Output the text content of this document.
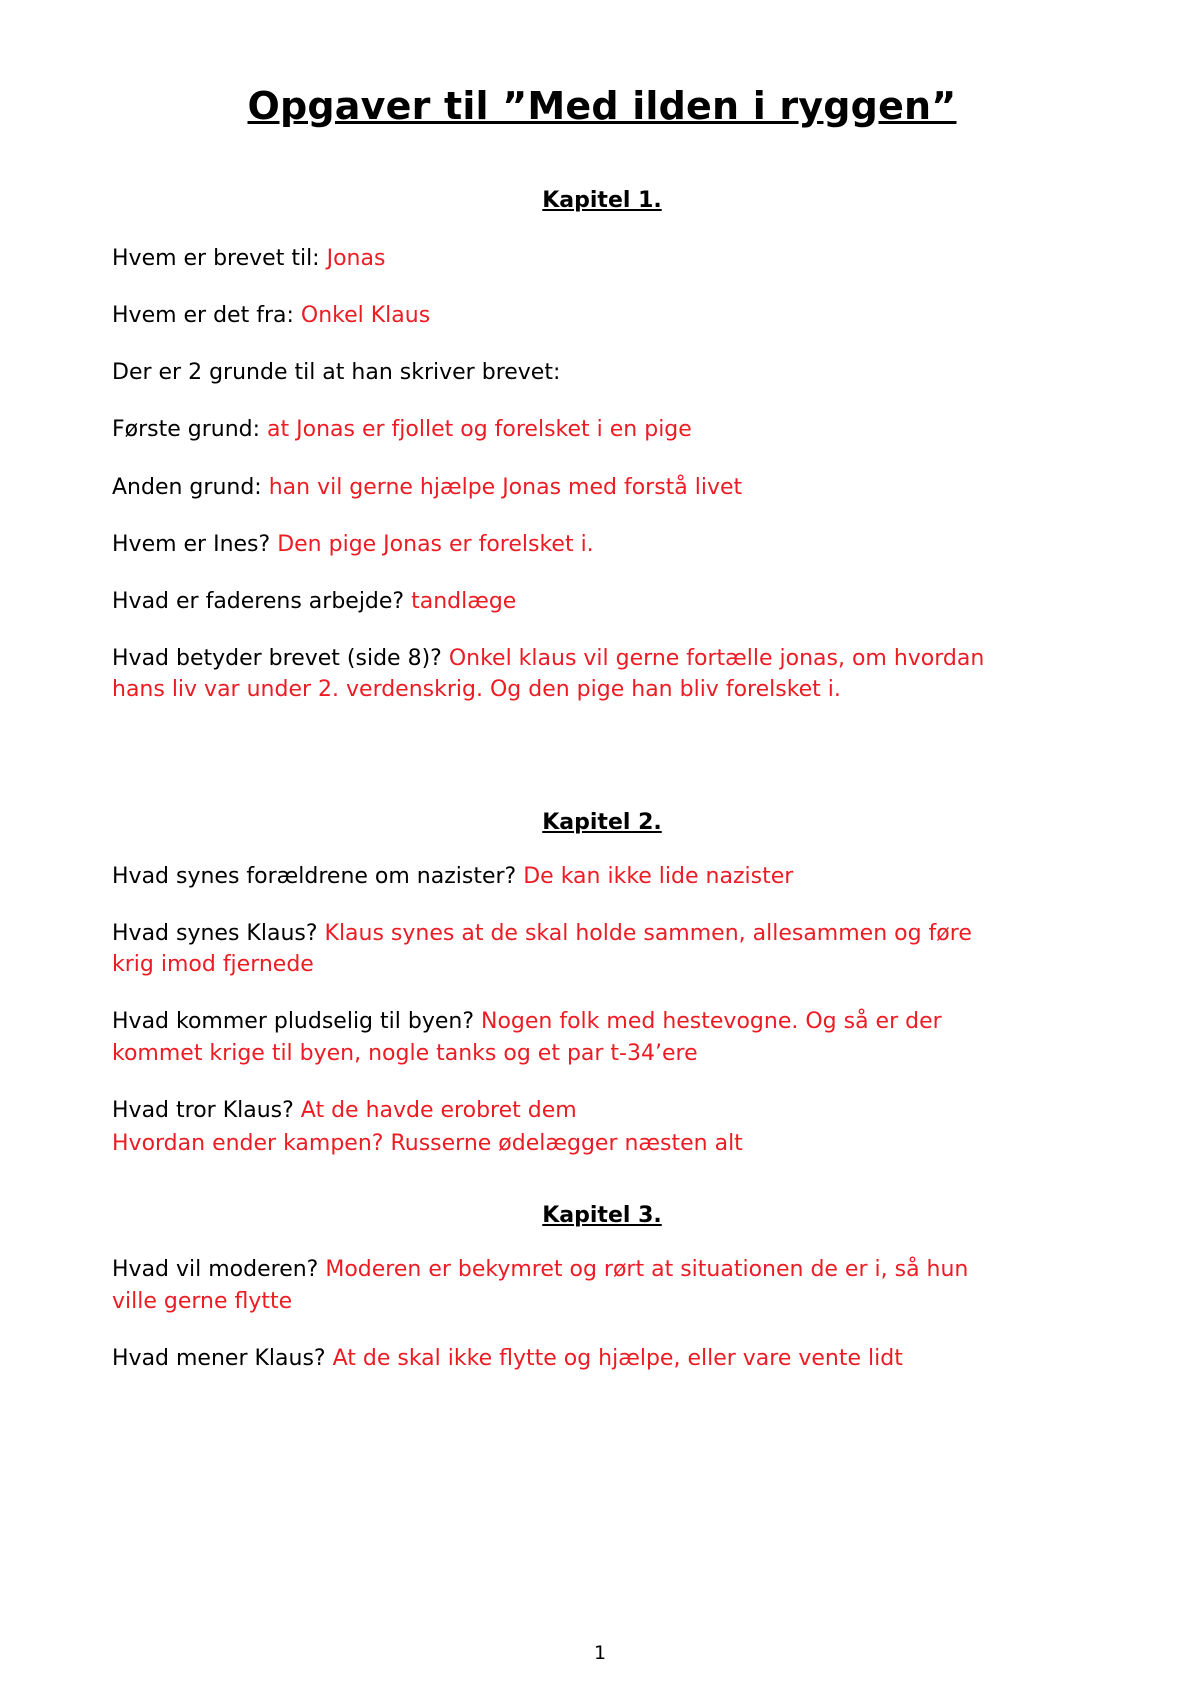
Opgaver til ”Med ilden i ryggen”
Kapitel 1.

Hvem er brevet til: Jonas

Hvem er det fra: Onkel Klaus

Der er 2 grunde til at han skriver brevet:

Første grund: at Jonas er fjollet og forelsket i en pige

Anden grund: han vil gerne hjælpe Jonas med forstå livet

Hvem er Ines? Den pige Jonas er forelsket i.

Hvad er faderens arbejde? tandlæge

Hvad betyder brevet (side 8)? Onkel klaus vil gerne fortælle jonas, om hvordan hans liv var under 2. verdenskrig. Og den pige han bliv forelsket i.

Kapitel 2.

Hvad synes forældrene om nazister? De kan ikke lide nazister

Hvad synes Klaus? Klaus synes at de skal holde sammen, allesammen og føre krig imod fjernede

Hvad kommer pludselig til byen? Nogen folk med hestevogne. Og så er der kommet krige til byen, nogle tanks og et par t-34’ere

Hvad tror Klaus? At de havde erobret dem

Hvordan ender kampen? Russerne ødelægger næsten alt

Kapitel 3.

Hvad vil moderen? Moderen er bekymret og rørt at situationen de er i, så hun ville gerne flytte

Hvad mener Klaus? At de skal ikke flytte og hjælpe, eller vare vente lidt

1
